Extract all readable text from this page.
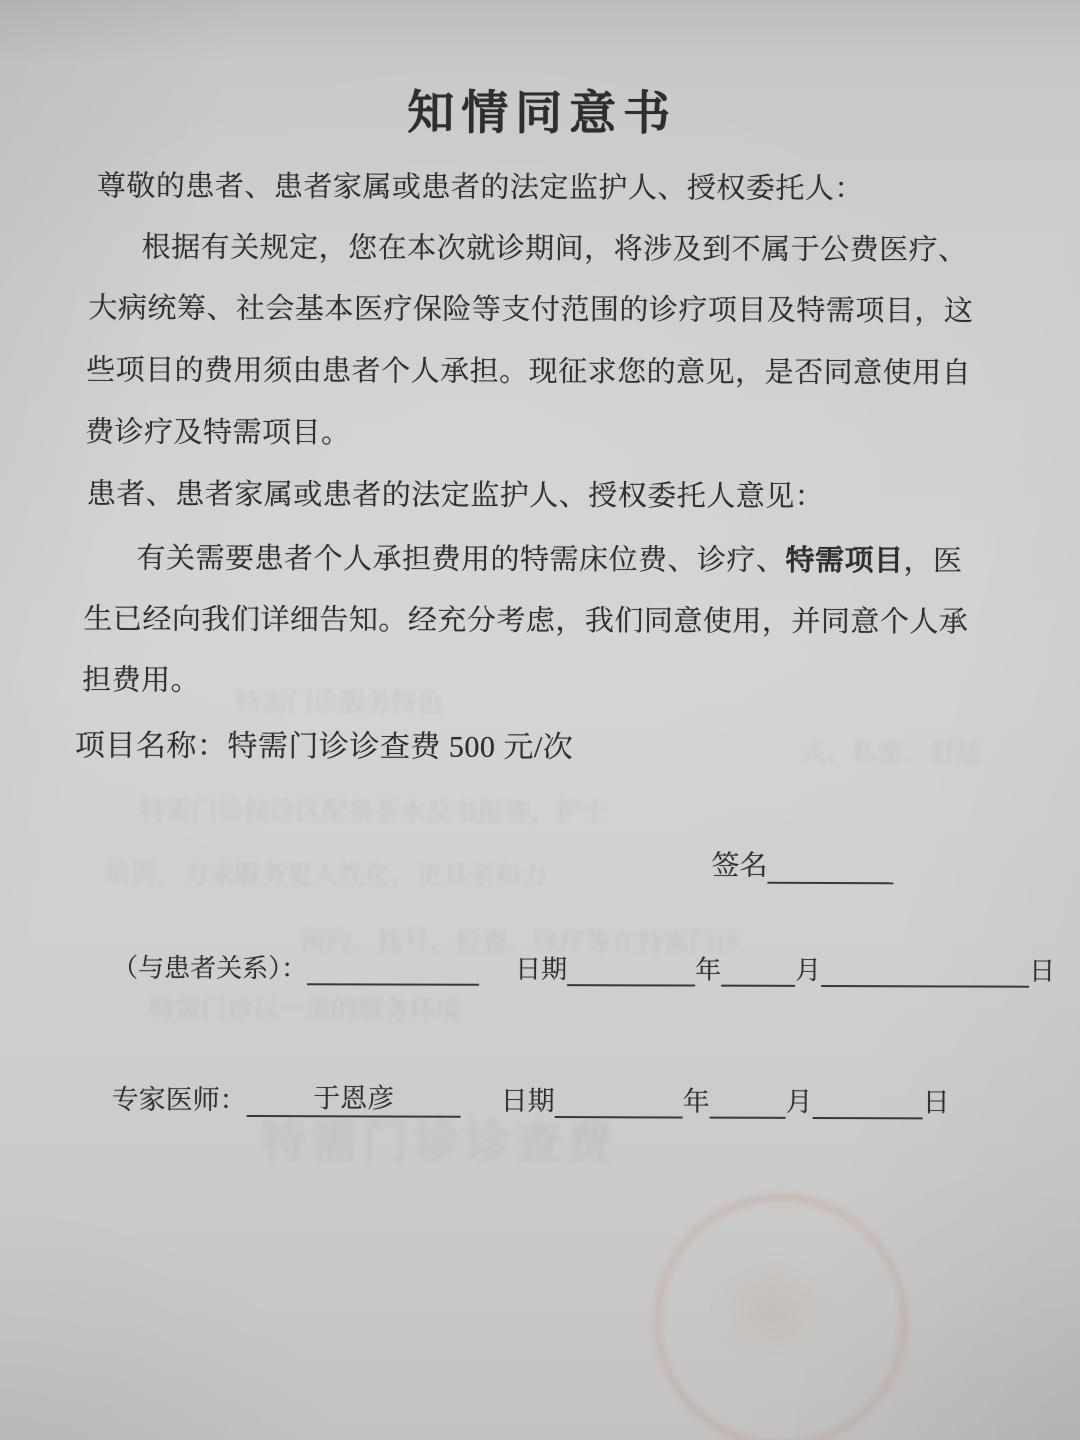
式、私密、舒适
特需门诊服务特色
特需门诊候诊区配备茶水及书报等，护士
培训，力求服务更人性化，更具亲和力
预约、挂号、检查、诊疗等在特需门诊
特需门诊以一流的服务环境
特需门诊诊查费
知情同意书
尊敬的患者、患者家属或患者的法定监护人、授权委托人：
根据有关规定，您在本次就诊期间，将涉及到不属于公费医疗、
大病统筹、社会基本医疗保险等支付范围的诊疗项目及特需项目，这
些项目的费用须由患者个人承担。现征求您的意见，是否同意使用自
费诊疗及特需项目。
患者、患者家属或患者的法定监护人、授权委托人意见：
有关需要患者个人承担费用的特需床位费、诊疗、特需项目，医
生已经向我们详细告知。经充分考虑，我们同意使用，并同意个人承
担费用。
项目名称：特需门诊诊查费 500 元/次
签名
（与患者关系）：	日期	年	月	日
专家医师：	于恩彦	日期	年	月	日
